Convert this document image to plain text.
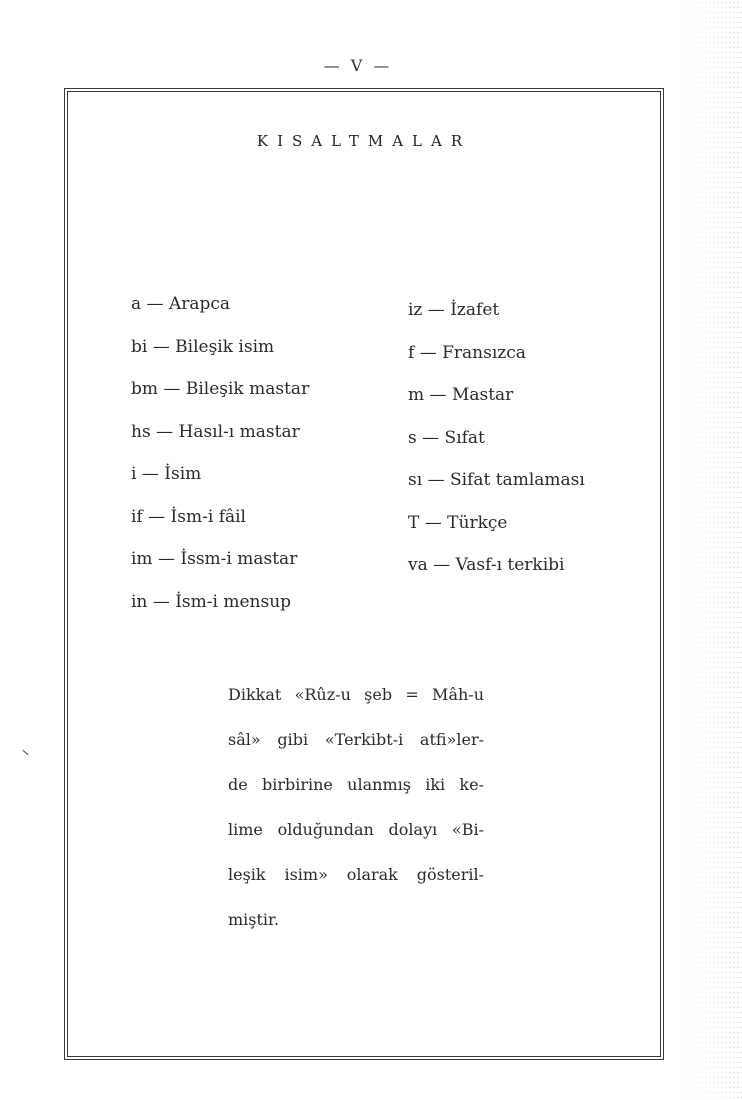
— V —
KISALTMALAR
a — Arapca
bi — Bileşik isim
bm — Bileşik mastar
hs — Hasıl-ı mastar
i — İsim
if — İsm-i fâil
im — İssm-i mastar
in — İsm-i mensup
iz — İzafet
f — Fransızca
m — Mastar
s — Sıfat
sı — Sifat tamlaması
T — Türkçe
va — Vasf-ı terkibi
Dikkat «Rûz-u şeb = Mâh-u
sâl» gibi «Terkibt-i atfi»ler-
de birbirine ulanmış iki ke-
lime olduğundan dolayı «Bi-
leşik isim» olarak gösteril-
miştir.
